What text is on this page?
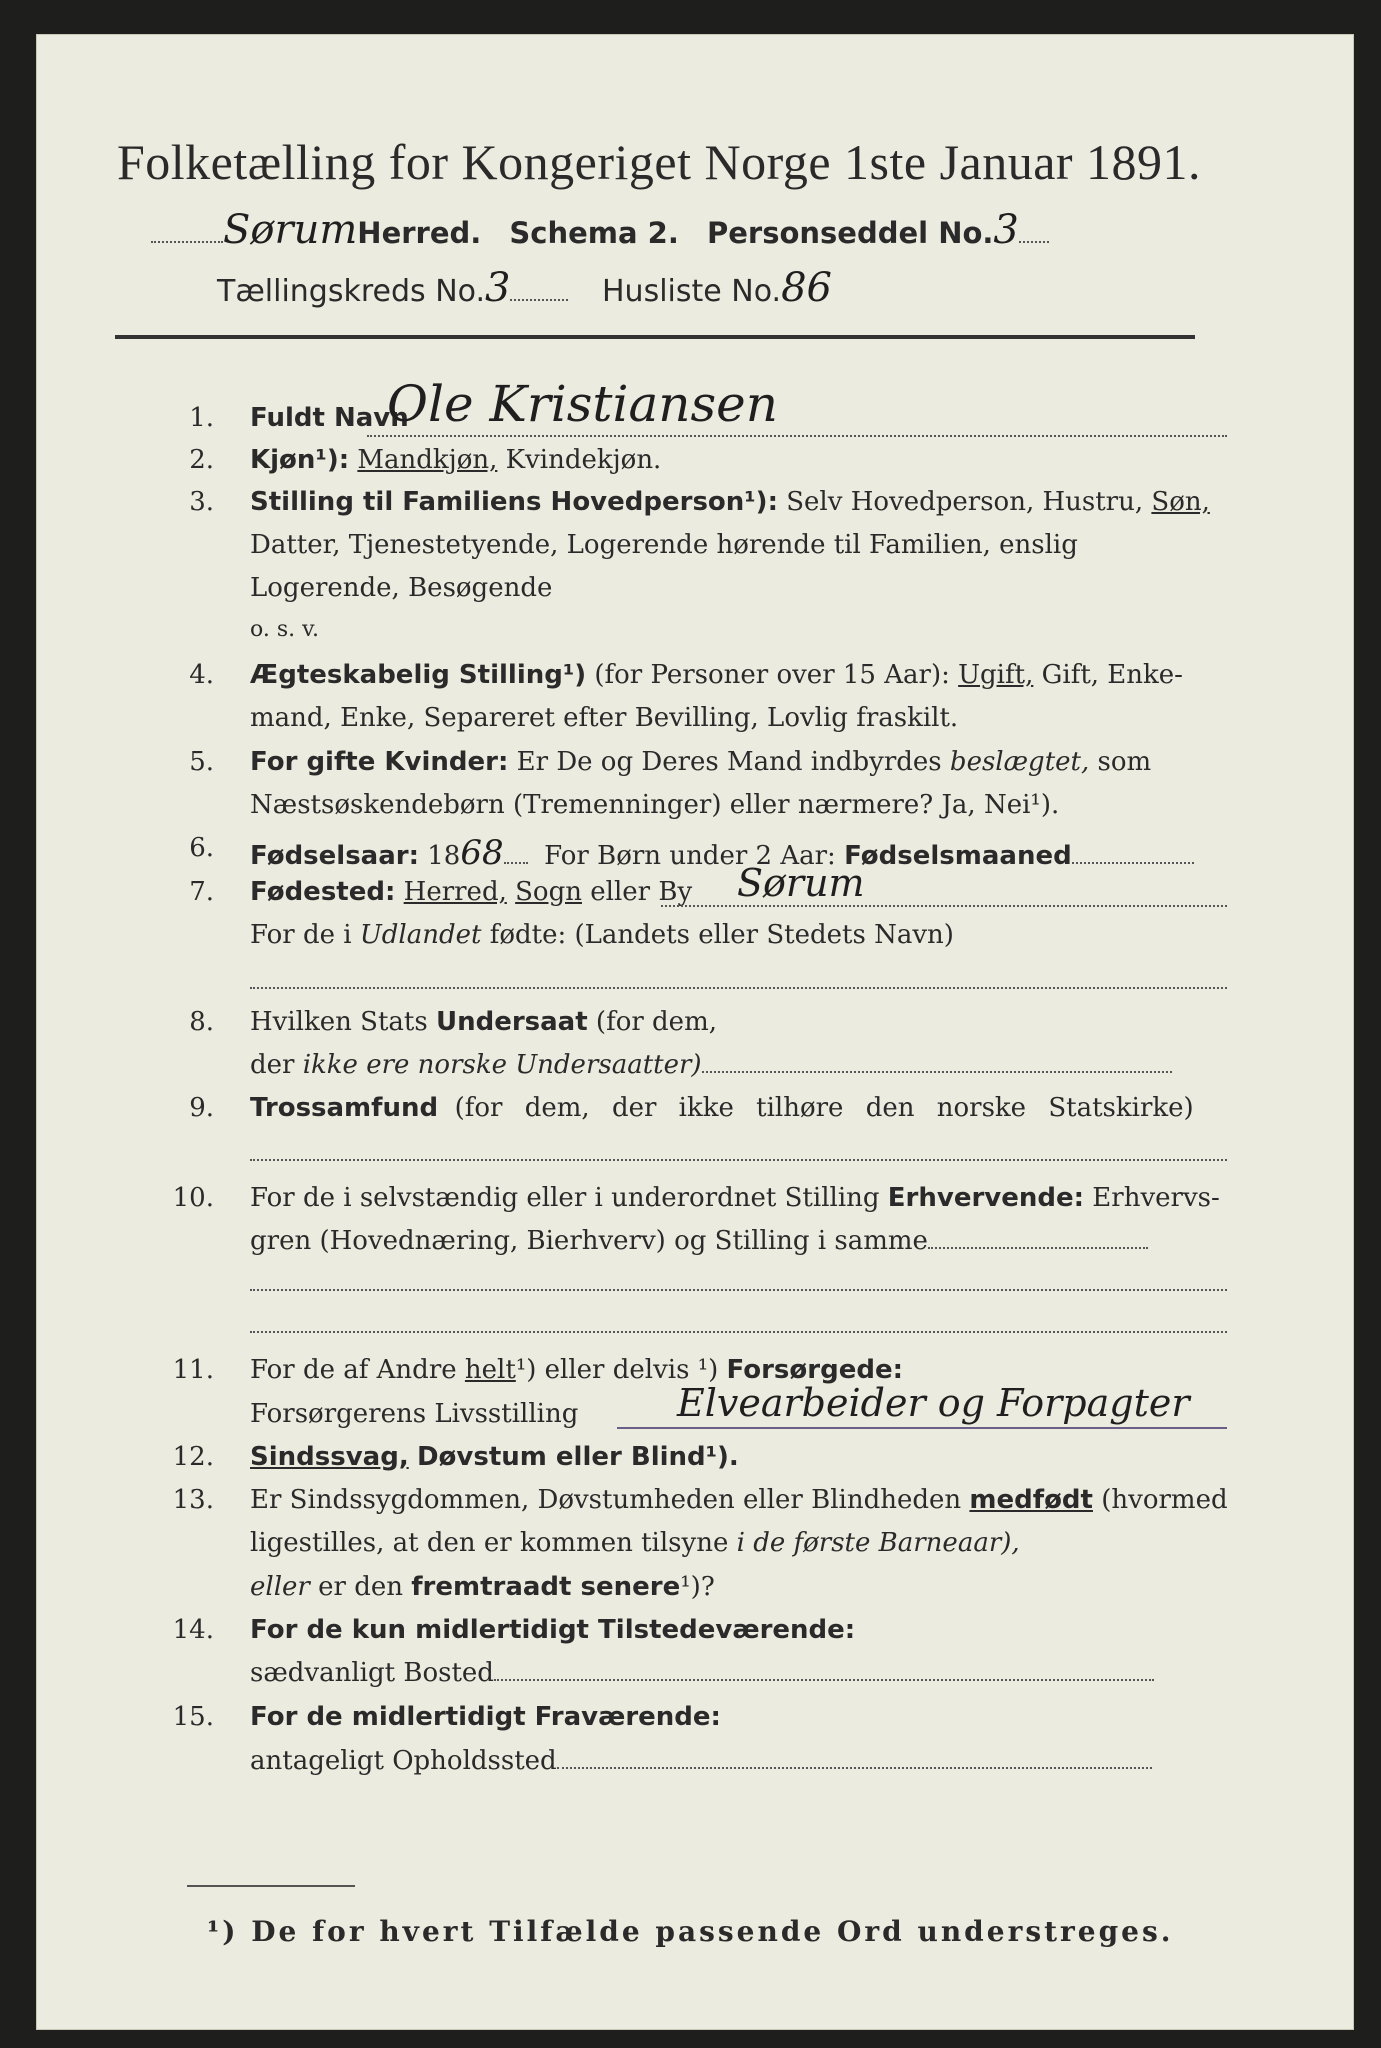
Folketælling for Kongeriget Norge 1ste Januar 1891.
SørumHerred. Schema 2. Personseddel No.3
Tællingskreds No.3	Husliste No.86
1. Fuldt Navn
Ole Kristiansen
2. Kjøn¹): Mandkjøn, Kvindekjøn.
3. Stilling til Familiens Hovedperson¹): Selv Hovedperson, Hustru, Søn,
Datter, Tjenestetyende, Logerende hørende til Familien, enslig
Logerende, Besøgende
o. s. v.
4. Ægteskabelig Stilling¹) (for Personer over 15 Aar): Ugift, Gift, Enke-
mand, Enke, Separeret efter Bevilling, Lovlig fraskilt.
5. For gifte Kvinder: Er De og Deres Mand indbyrdes beslægtet, som
Næstsøskendebørn (Tremenninger) eller nærmere? Ja, Nei¹).
6. Fødselsaar: 1868 For Børn under 2 Aar: Fødselsmaaned
7. Fødested: Herred, Sogn eller By Sørum
For de i Udlandet fødte: (Landets eller Stedets Navn)
8. Hvilken Stats Undersaat (for dem,
der ikke ere norske Undersaatter)
9. Trossamfund (for dem, der ikke tilhøre den norske Statskirke)
10. For de i selvstændig eller i underordnet Stilling Erhvervende: Erhvervs-
gren (Hovednæring, Bierhverv) og Stilling i samme
11. For de af Andre helt¹) eller delvis ¹) Forsørgede:
Forsørgerens Livsstilling	Elvearbeider og Forpagter
12. Sindssvag, Døvstum eller Blind¹).
13. Er Sindssygdommen, Døvstumheden eller Blindheden medfødt (hvormed
ligestilles, at den er kommen tilsyne i de første Barneaar),
eller er den fremtraadt senere¹)?
14. For de kun midlertidigt Tilstedeværende:
sædvanligt Bosted
15. For de midlertidigt Fraværende:
antageligt Opholdssted
¹) De for hvert Tilfælde passende Ord understreges.
